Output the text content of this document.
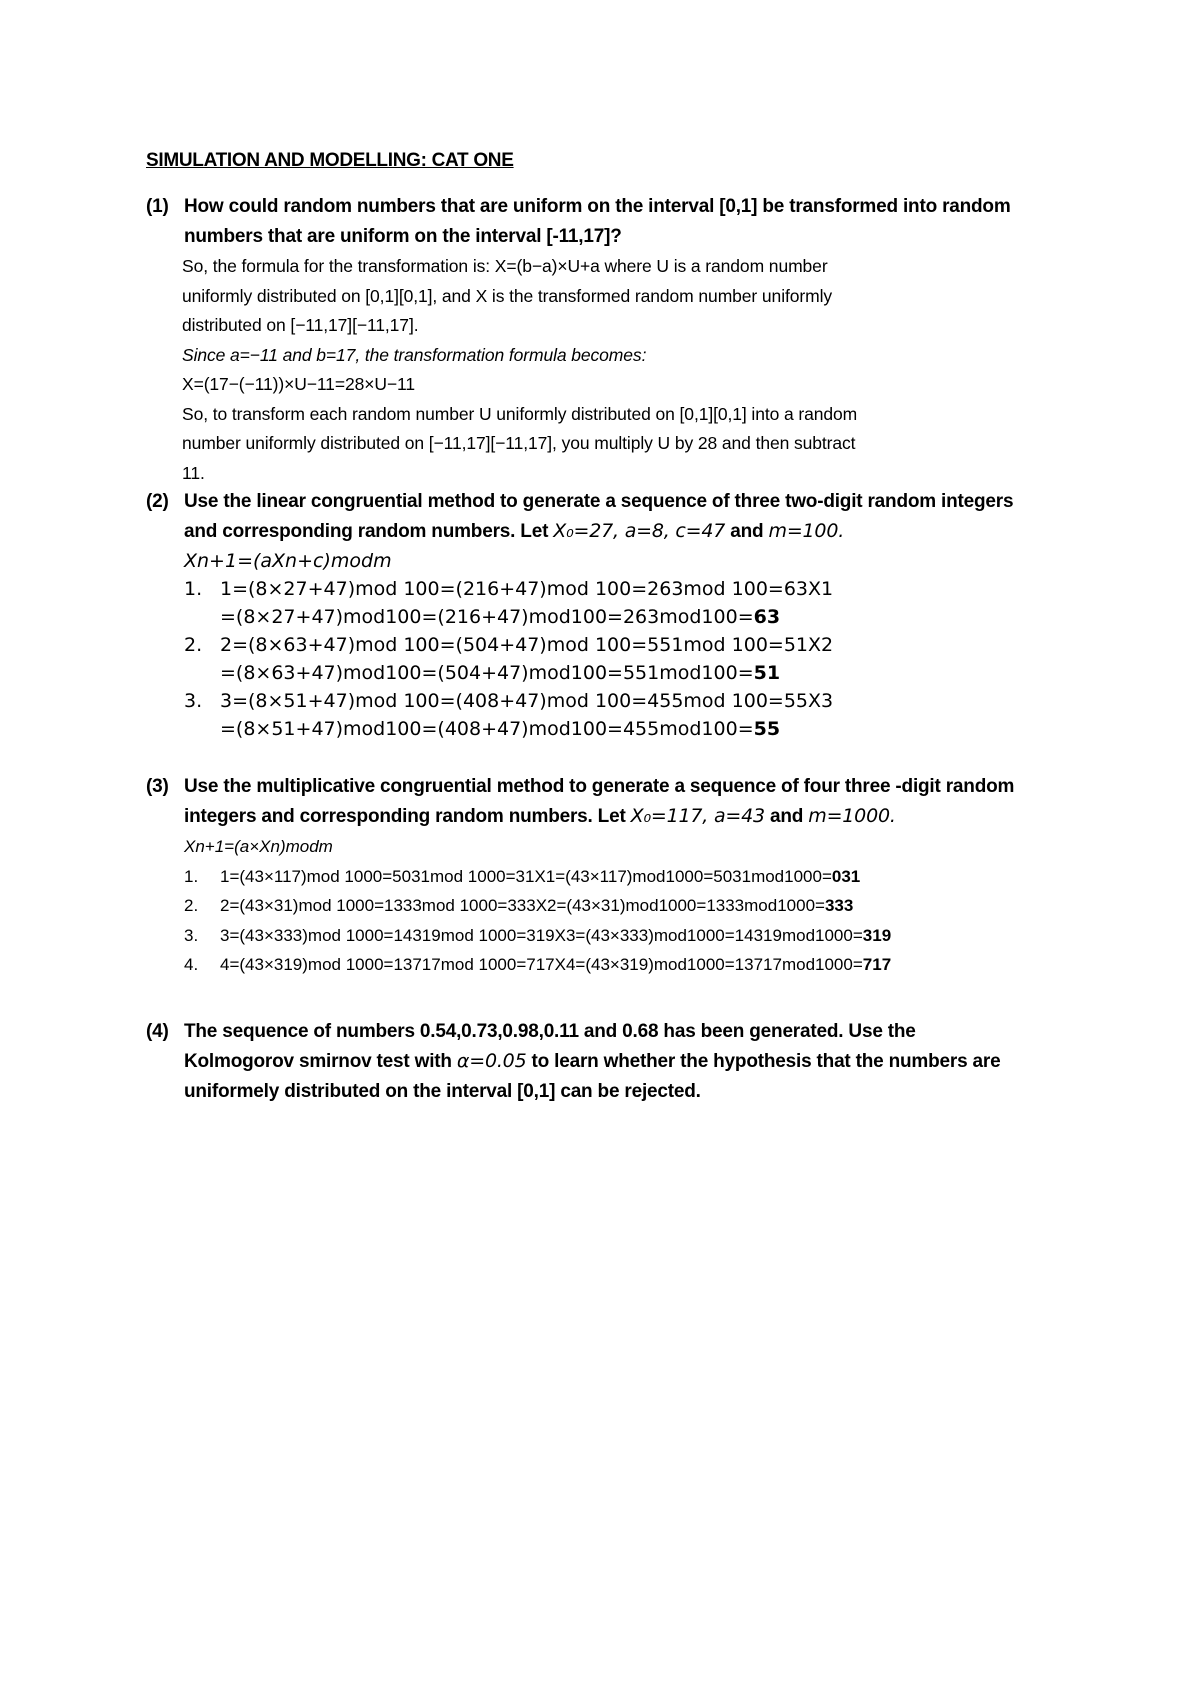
SIMULATION AND MODELLING: CAT ONE
(1) How could random numbers that are uniform on the interval [0,1] be transformed into random numbers that are uniform on the interval [-11,17]?
So, the formula for the transformation is: X=(b−a)×U+a where U is a random number
uniformly distributed on [0,1][0,1], and X is the transformed random number uniformly
distributed on [−11,17][−11,17].
Since a=−11 and b=17, the transformation formula becomes:
X=(17−(−11))×U−11=28×U−11
So, to transform each random number U uniformly distributed on [0,1][0,1] into a random
number uniformly distributed on [−11,17][−11,17], you multiply U by 28 and then subtract
11.
(2) Use the linear congruential method to generate a sequence of three two-digit random integers
and corresponding random numbers. Let X₀=27, a=8, c=47 and m=100.
Xn+1=(aXn+c)modm
1. 1=(8×27+47)mod 100=(216+47)mod 100=263mod 100=63X1
=(8×27+47)mod100=(216+47)mod100=263mod100=63
2. 2=(8×63+47)mod 100=(504+47)mod 100=551mod 100=51X2
=(8×63+47)mod100=(504+47)mod100=551mod100=51
3. 3=(8×51+47)mod 100=(408+47)mod 100=455mod 100=55X3
=(8×51+47)mod100=(408+47)mod100=455mod100=55
(3) Use the multiplicative congruential method to generate a sequence of four three -digit random
integers and corresponding random numbers. Let X₀=117, a=43 and m=1000.
Xn+1=(a×Xn)modm
1.	1=(43×117)mod 1000=5031mod 1000=31X1=(43×117)mod1000=5031mod1000= 031
2.	2=(43×31)mod 1000=1333mod 1000=333X2=(43×31)mod1000=1333mod1000= 333
3.	3=(43×333)mod 1000=14319mod 1000=319X3=(43×333)mod1000=14319mod1000= 319
4.	4=(43×319)mod 1000=13717mod 1000=717X4=(43×319)mod1000=13717mod1000= 717
(4) The sequence of numbers 0.54,0.73,0.98,0.11 and 0.68 has been generated. Use the
Kolmogorov smirnov test with α=0.05 to learn whether the hypothesis that the numbers are
uniformely distributed on the interval [0,1] can be rejected.
